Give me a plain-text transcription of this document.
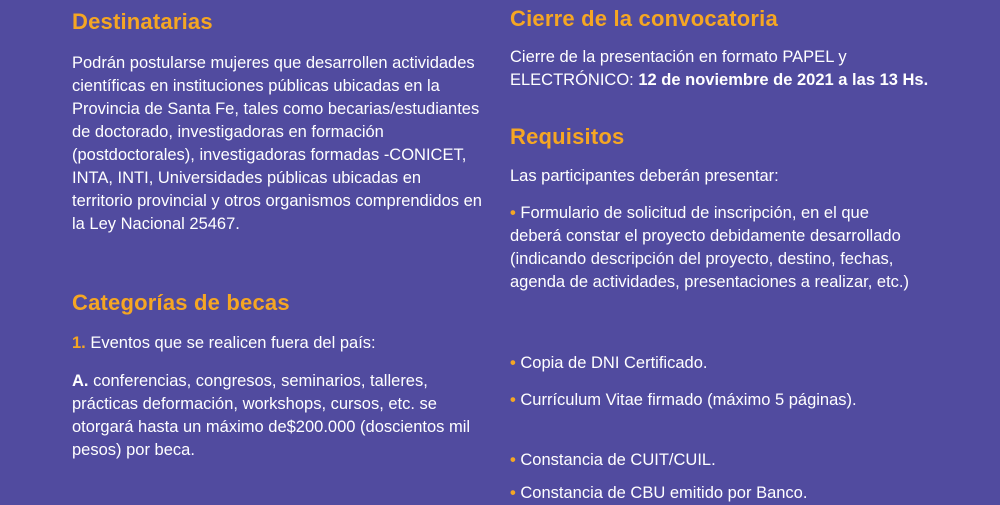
Destinatarias

Podrán postularse mujeres que desarrollen actividades científicas en instituciones públicas ubicadas en la Provincia de Santa Fe, tales como becarias/estudiantes de doctorado, investigadoras en formación (postdoctorales), investigadoras formadas -CONICET, INTA, INTI, Universidades públicas ubicadas en territorio provincial y otros organismos comprendidos en la Ley Nacional 25467.

Categorías de becas

1. Eventos que se realicen fuera del país:

A. conferencias, congresos, seminarios, talleres, prácticas deformación, workshops, cursos, etc. se otorgará hasta un máximo de$200.000 (doscientos mil pesos) por beca.

Cierre de la convocatoria

Cierre de la presentación en formato PAPEL y ELECTRÓNICO: 12 de noviembre de 2021 a las 13 Hs.

Requisitos

Las participantes deberán presentar:

• Formulario de solicitud de inscripción, en el que deberá constar el proyecto debidamente desarrollado (indicando descripción del proyecto, destino, fechas, agenda de actividades, presentaciones a realizar, etc.)

• Copia de DNI Certificado.

• Currículum Vitae firmado (máximo 5 páginas).

• Constancia de CUIT/CUIL.

• Constancia de CBU emitido por Banco.
